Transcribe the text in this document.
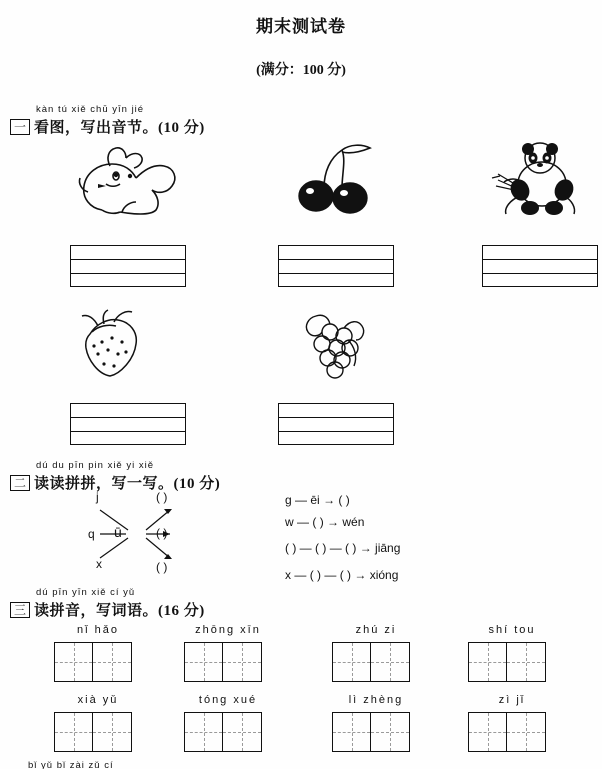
期末测试卷
(满分：100 分)
kàn tú xiě chū yīn jié
一 看图，写出音节。(10 分)
dú du pīn pin xiě yi xiě
二 读读拼拼，写一写。(10 分)
j
q
x
ū
( )
( )
( )
g — ēi → ( )
w — ( ) → wén
( ) — ( ) — ( ) → jiāng
x — ( ) — ( ) → xióng
dú pīn yīn xiě cí yǔ
三 读拼音，写词语。(16 分)
nǐ hǎo	zhōng xīn	zhú zi	shí tou
xià yǔ	tóng xué	lì zhèng	zì jǐ
bǐ yǔ bǐ zài zǔ cí
